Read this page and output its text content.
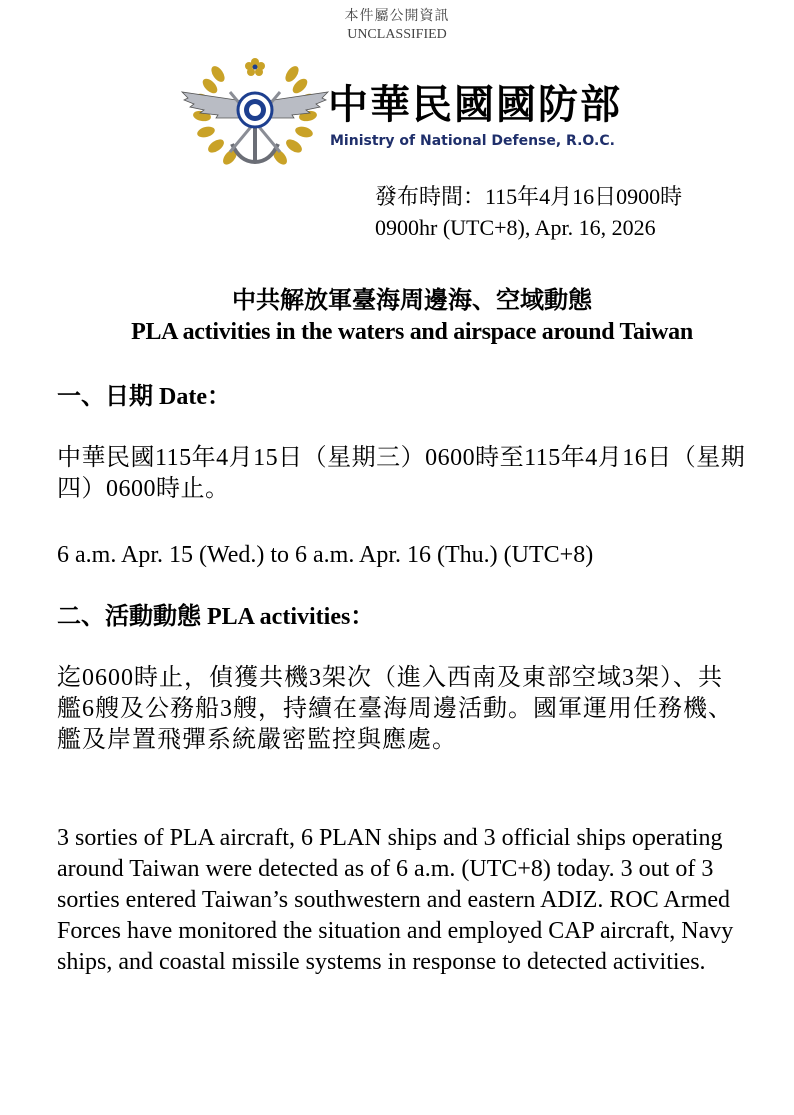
本件屬公開資訊
UNCLASSIFIED
中華民國國防部
Ministry of National Defense, R.O.C.
發布時間：115年4月16日0900時
0900hr (UTC+8), Apr. 16, 2026
中共解放軍臺海周邊海、空域動態
PLA activities in the waters and airspace around Taiwan
一、日期 Date：
中華民國115年4月15日（星期三）0600時至115年4月16日（星期四）0600時止。
6 a.m. Apr. 15 (Wed.) to 6 a.m. Apr. 16 (Thu.) (UTC+8)
二、活動動態 PLA activities：
迄0600時止，偵獲共機3架次（進入西南及東部空域3架）、共艦6艘及公務船3艘，持續在臺海周邊活動。國軍運用任務機、艦及岸置飛彈系統嚴密監控與應處。
3 sorties of PLA aircraft, 6 PLAN ships and 3 official ships operating around Taiwan were detected as of 6 a.m. (UTC+8) today. 3 out of 3 sorties entered Taiwan’s southwestern and eastern ADIZ. ROC Armed Forces have monitored the situation and employed CAP aircraft, Navy ships, and coastal missile systems in response to detected activities.
